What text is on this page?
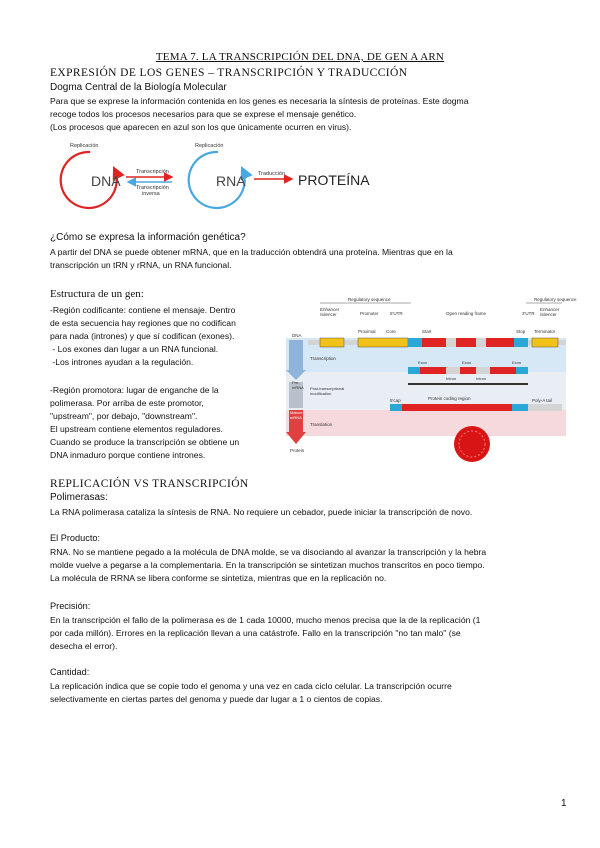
TEMA 7. LA TRANSCRIPCIÓN DEL DNA, DE GEN A ARN
EXPRESIÓN DE LOS GENES – TRANSCRIPCIÓN Y TRADUCCIÓN
Dogma Central de la Biología Molecular
Para que se exprese la información contenida en los genes es necesaria la síntesis de proteínas. Este dogma
recoge todos los procesos necesarios para que se exprese el mensaje genético.
(Los procesos que aparecen en azul son los que únicamente ocurren en virus).
Replicación
DNA
Transcripción
Transcripción
inversa
Replicación
RNA Traducción PROTEÍNA
¿Cómo se expresa la información genética?
A partir del DNA se puede obtener mRNA, que en la traducción obtendrá una proteína. Mientras que en la
transcripción un tRN y rRNA, un RNA funcional.
Estructura de un gen:
-Región codificante: contiene el mensaje. Dentro
de esta secuencia hay regiones que no codifican
para nada (intrones) y que sí codifican (exones).
- Los exones dan lugar a un RNA funcional.
-Los intrones ayudan a la regulación.
-Región promotora: lugar de enganche de la
polimerasa. Por arriba de este promotor,
"upstream", por debajo, "downstream".
El upstream contiene elementos reguladores.
Cuando se produce la transcripción se obtiene un
DNA inmaduro porque contiene intrones.
Regulatory sequence	Regulatory sequence
Enhancer
/silencer	Promoter	5'UTR	Open reading frame	3'UTR
Enhancer
/silencer
Proximal Core	Start	Stop Terminator
DNA
Transcription
Exon	Exon	Exon
Intron	Intron
Pre-
mRNA Post-transcriptional
modification
5'cap	Protein coding region	Poly-A tail
Mature
mRNA
Translation
Protein
REPLICACIÓN VS TRANSCRIPCIÓN
Polimerasas:
La RNA polimerasa cataliza la síntesis de RNA. No requiere un cebador, puede iniciar la transcripción de novo.
El Producto:
RNA. No se mantiene pegado a la molécula de DNA molde, se va disociando al avanzar la transcripción y la hebra
molde vuelve a pegarse a la complementaria. En la transcripción se sintetizan muchos transcritos en poco tiempo.
La molécula de RRNA se libera conforme se sintetiza, mientras que en la replicación no.
Precisión:
En la transcripción el fallo de la polimerasa es de 1 cada 10000, mucho menos precisa que la de la replicación (1
por cada millón). Errores en la replicación llevan a una catástrofe. Fallo en la transcripción "no tan malo" (se
desecha el error).
Cantidad:
La replicación indica que se copie todo el genoma y una vez en cada ciclo celular. La transcripción ocurre
selectivamente en ciertas partes del genoma y puede dar lugar a 1 o cientos de copias.
1
